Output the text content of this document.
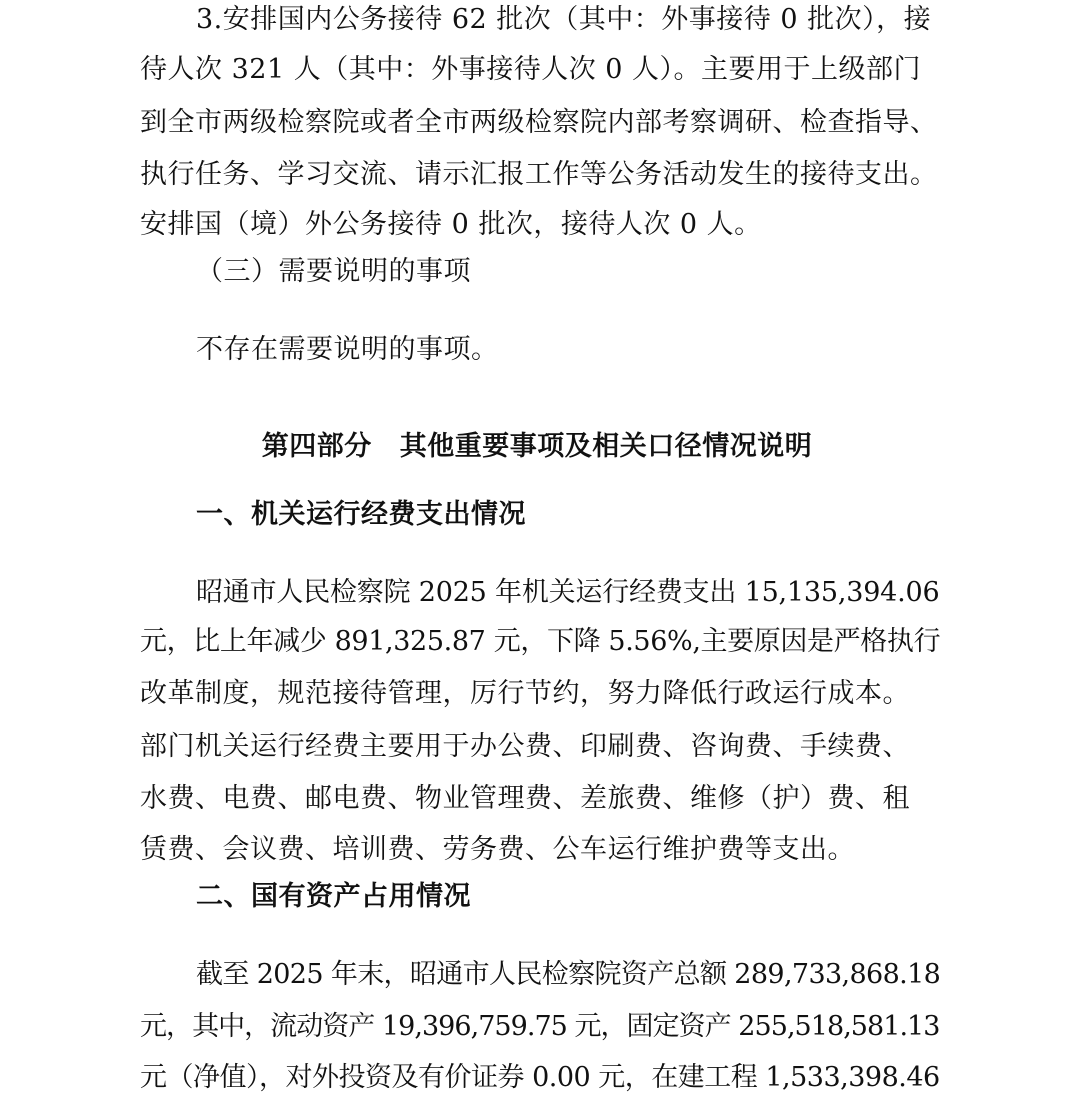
3.安排国内公务接待 62 批次（其中：外事接待 0 批次），接
待人次 321 人（其中：外事接待人次 0 人）。主要用于上级部门
到全市两级检察院或者全市两级检察院内部考察调研、检查指导、
执行任务、学习交流、请示汇报工作等公务活动发生的接待支出。
安排国（境）外公务接待 0 批次，接待人次 0 人。
（三）需要说明的事项
不存在需要说明的事项。
第四部分 其他重要事项及相关口径情况说明
一、机关运行经费支出情况
昭通市人民检察院 2025 年机关运行经费支出 15,135,394.06
元，比上年减少 891,325.87 元，下降 5.56%,主要原因是严格执行
改革制度，规范接待管理，厉行节约，努力降低行政运行成本。
部门机关运行经费主要用于办公费、印刷费、咨询费、手续费、
水费、电费、邮电费、物业管理费、差旅费、维修（护）费、租
赁费、会议费、培训费、劳务费、公车运行维护费等支出。
二、国有资产占用情况
截至 2025 年末，昭通市人民检察院资产总额 289,733,868.18
元，其中，流动资产 19,396,759.75 元，固定资产 255,518,581.13
元（净值），对外投资及有价证券 0.00 元，在建工程 1,533,398.46
